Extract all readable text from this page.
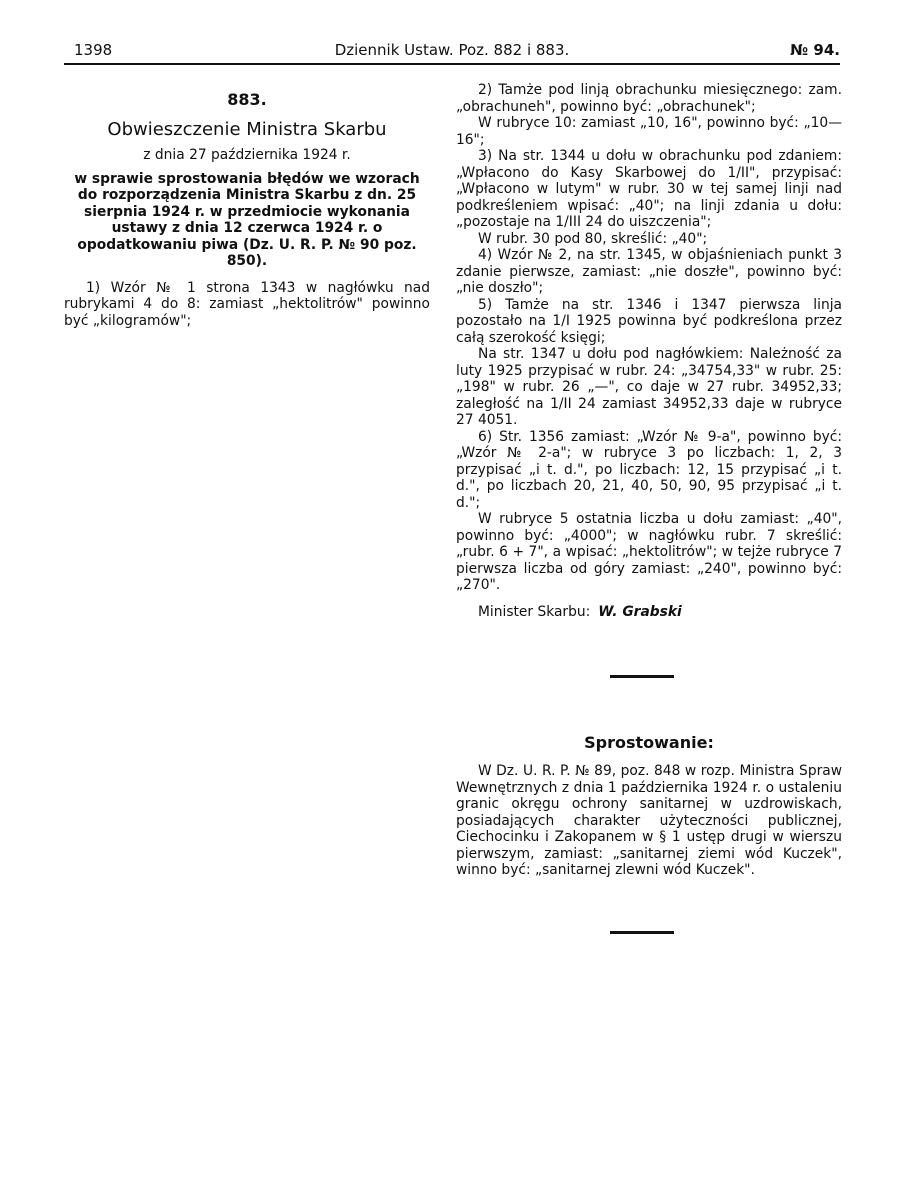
1398	Dziennik Ustaw. Poz. 882 i 883.	№ 94.
883.
Obwieszczenie Ministra Skarbu
z dnia 27 października 1924 r.

w sprawie sprostowania błędów we wzorach do rozporządzenia Ministra Skarbu z dn. 25 sierpnia 1924 r. w przedmiocie wykonania ustawy z dnia 12 czerwca 1924 r. o opodatkowaniu piwa (Dz. U. R. P. № 90 poz. 850).

1) Wzór № 1 strona 1343 w nagłówku nad rubrykami 4 do 8: zamiast „hektolitrów" powinno być „kilogramów";

2) Tamże pod linją obrachunku miesięcznego: zam. „obrachuneh", powinno być: „obrachunek";

W rubryce 10: zamiast „10, 16", powinno być: „10—16";

3) Na str. 1344 u dołu w obrachunku pod zdaniem: „Wpłacono do Kasy Skarbowej do 1/II", przypisać: „Wpłacono w lutym" w rubr. 30 w tej samej linji nad podkreśleniem wpisać: „40"; na linji zdania u dołu: „pozostaje na 1/III 24 do uiszczenia";

W rubr. 30 pod 80, skreślić: „40";

4) Wzór № 2, na str. 1345, w objaśnieniach punkt 3 zdanie pierwsze, zamiast: „nie doszłe", powinno być: „nie doszło";

5) Tamże na str. 1346 i 1347 pierwsza linja pozostało na 1/I 1925 powinna być podkreślona przez całą szerokość księgi;

Na str. 1347 u dołu pod nagłówkiem: Należność za luty 1925 przypisać w rubr. 24: „34754,33" w rubr. 25: „198" w rubr. 26 „—", co daje w 27 rubr. 34952,33; zaległość na 1/II 24 zamiast 34952,33 daje w rubryce 27 4051.

6) Str. 1356 zamiast: „Wzór № 9-a", powinno być: „Wzór № 2-a"; w rubryce 3 po liczbach: 1, 2, 3 przypisać „i t. d.", po liczbach: 12, 15 przypisać „i t. d.", po liczbach 20, 21, 40, 50, 90, 95 przypisać „i t. d.";

W rubryce 5 ostatnia liczba u dołu zamiast: „40", powinno być: „4000"; w nagłówku rubr. 7 skreślić: „rubr. 6 + 7", a wpisać: „hektolitrów"; w tejże rubryce 7 pierwsza liczba od góry zamiast: „240", powinno być: „270".

Minister Skarbu: W. Grabski

Sprostowanie:

W Dz. U. R. P. № 89, poz. 848 w rozp. Ministra Spraw Wewnętrznych z dnia 1 października 1924 r. o ustaleniu granic okręgu ochrony sanitarnej w uzdrowiskach, posiadających charakter użyteczności publicznej, Ciechocinku i Zakopanem w § 1 ustęp drugi w wierszu pierwszym, zamiast: „sanitarnej ziemi wód Kuczek", winno być: „sanitarnej zlewni wód Kuczek".
